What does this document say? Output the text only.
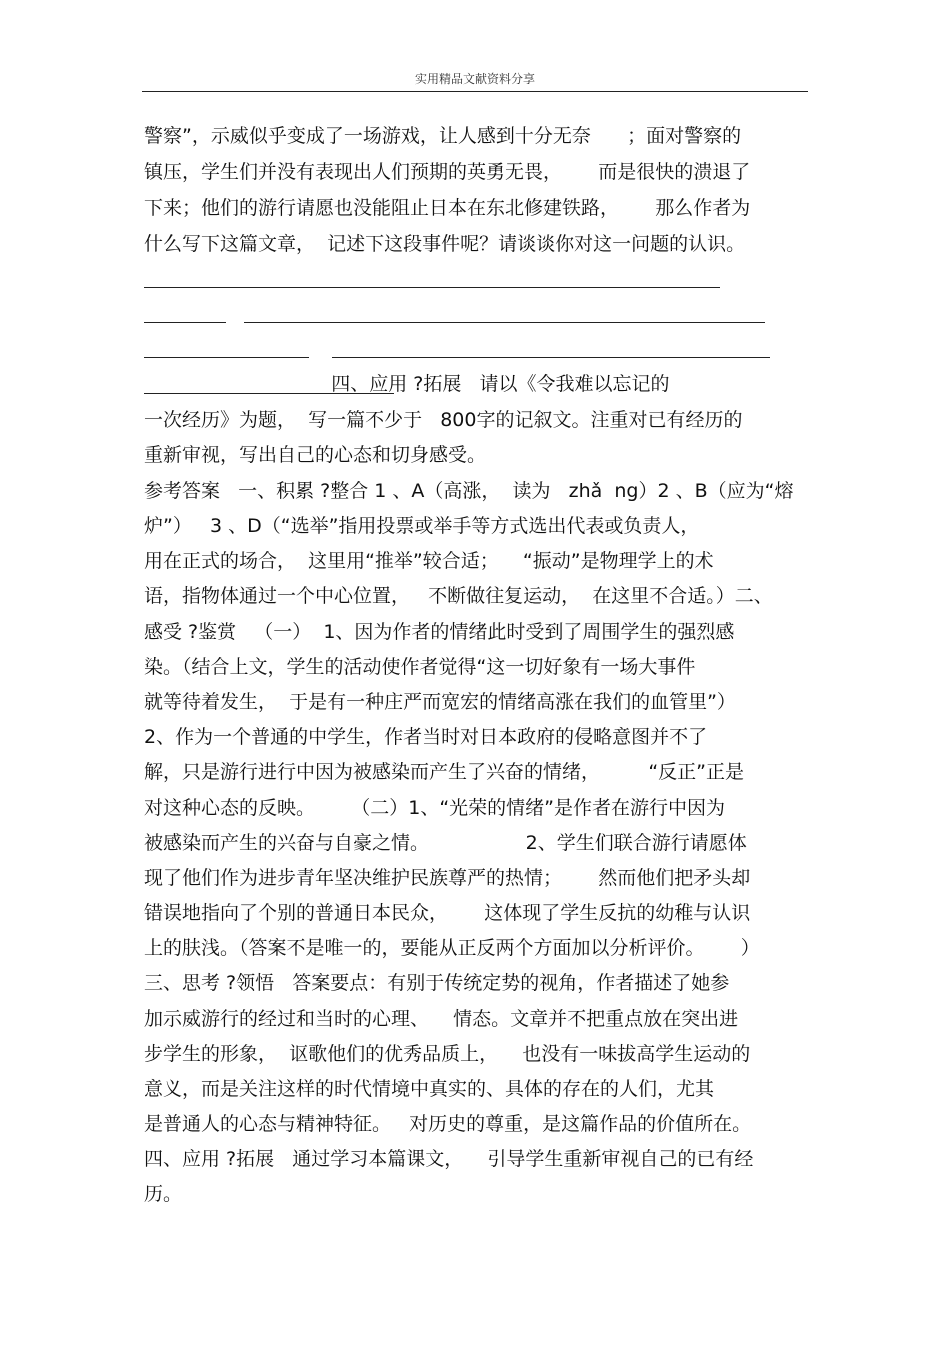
实用精品文献资料分享
警察”，示威似乎变成了一场游戏，让人感到十分无奈      ；面对警察的
镇压，学生们并没有表现出人们预期的英勇无畏，      而是很快的溃退了
下来；他们的游行请愿也没能阻止日本在东北修建铁路，      那么作者为
什么写下这篇文章，  记述下这段事件呢？请谈谈你对这一问题的认识。
四、应用 ?拓展   请以《令我难以忘记的
一次经历》为题，  写一篇不少于   800字的记叙文。注重对已有经历的
重新审视，写出自己的心态和切身感受。
参考答案   一、积累 ?整合 1 、A（高涨，  读为   zhǎ  ng）2 、B（应为“熔
炉”）   3 、D（“选举”指用投票或举手等方式选出代表或负责人，
用在正式的场合，  这里用“推举”较合适；    “振动”是物理学上的术
语，指物体通过一个中心位置，   不断做往复运动，  在这里不合适。）二、
感受 ?鉴赏   （一）  1、因为作者的情绪此时受到了周围学生的强烈感
染。（结合上文，学生的活动使作者觉得“这一切好象有一场大事件
就等待着发生，  于是有一种庄严而宽宏的情绪高涨在我们的血管里”）
2、作为一个普通的中学生，作者当时对日本政府的侵略意图并不了
解，只是游行进行中因为被感染而产生了兴奋的情绪，        “反正”正是
对这种心态的反映。      （二）1、“光荣的情绪”是作者在游行中因为
被感染而产生的兴奋与自豪之情。                2、学生们联合游行请愿体
现了他们作为进步青年坚决维护民族尊严的热情；      然而他们把矛头却
错误地指向了个别的普通日本民众，      这体现了学生反抗的幼稚与认识
上的肤浅。（答案不是唯一的，要能从正反两个方面加以分析评价。      ）
三、思考 ?领悟   答案要点：有别于传统定势的视角，作者描述了她参
加示威游行的经过和当时的心理、    情态。文章并不把重点放在突出进
步学生的形象，  讴歌他们的优秀品质上，    也没有一味拔高学生运动的
意义，而是关注这样的时代情境中真实的、具体的存在的人们，尤其
是普通人的心态与精神特征。   对历史的尊重，是这篇作品的价值所在。
四、应用 ?拓展   通过学习本篇课文，    引导学生重新审视自己的已有经
历。
